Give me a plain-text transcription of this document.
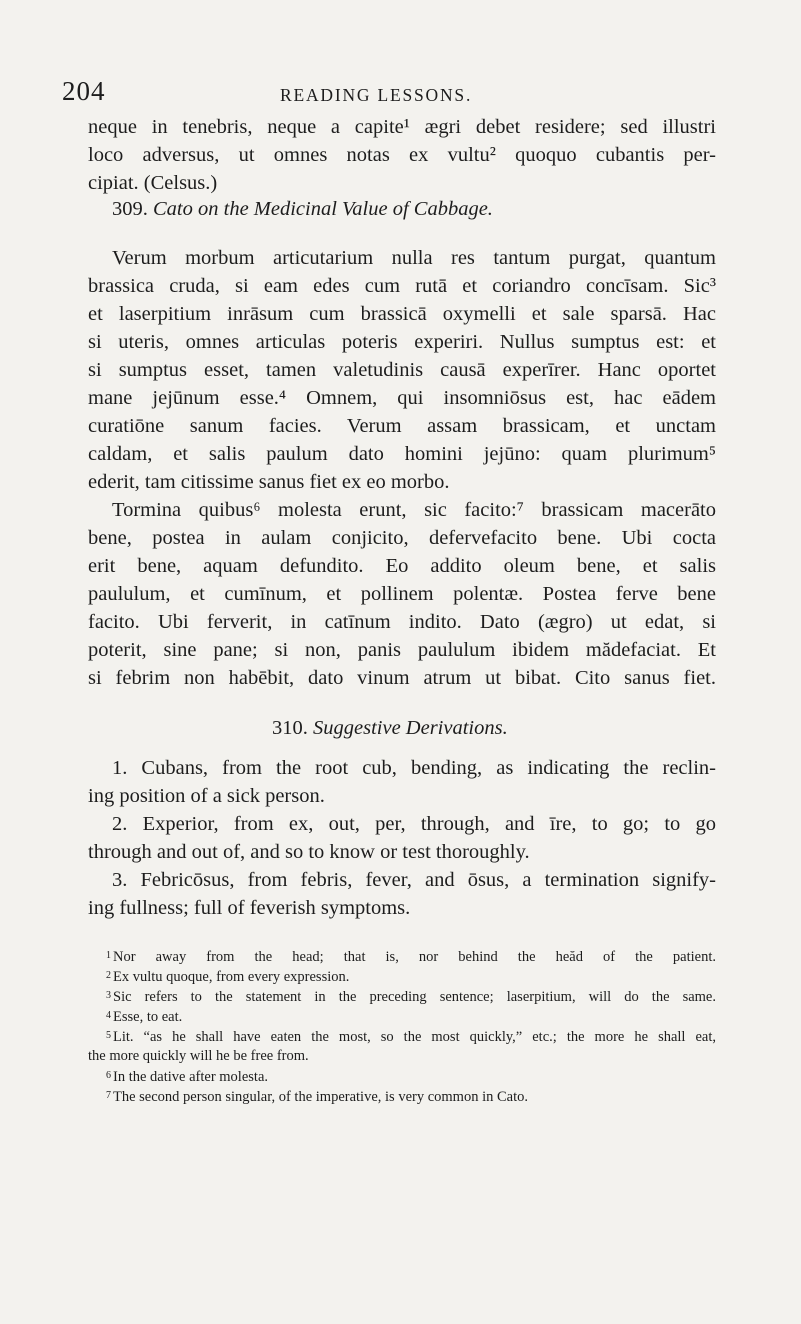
204	READING LESSONS.
neque in tenebris, neque a capite¹ ægri debet residere; sed illustri
loco adversus, ut omnes notas ex vultu² quoquo cubantis per-
cipiat. (Celsus.)
309. Cato on the Medicinal Value of Cabbage.
Verum morbum articutarium nulla res tantum purgat, quantum
brassica cruda, si eam edes cum rutā et coriandro concīsam. Sic³
et laserpitium inrāsum cum brassicā oxymelli et sale sparsā. Hac
si uteris, omnes articulas poteris experiri. Nullus sumptus est: et
si sumptus esset, tamen valetudinis causā experīrer. Hanc oportet
mane jejūnum esse.⁴ Omnem, qui insomniōsus est, hac eādem
curatiōne sanum facies. Verum assam brassicam, et unctam
caldam, et salis paulum dato homini jejūno: quam plurimum⁵
ederit, tam citissime sanus fiet ex eo morbo.
Tormina quibus⁶ molesta erunt, sic facito:⁷ brassicam macerāto
bene, postea in aulam conjicito, defervefacito bene. Ubi cocta
erit bene, aquam defundito. Eo addito oleum bene, et salis
paululum, et cumīnum, et pollinem polentæ. Postea ferve bene
facito. Ubi ferverit, in catīnum indito. Dato (ægro) ut edat, si
poterit, sine pane; si non, panis paululum ibidem mădefaciat. Et
si febrim non habēbit, dato vinum atrum ut bibat. Cito sanus fiet.
310. Suggestive Derivations.
1. Cubans, from the root cub, bending, as indicating the reclin-
ing position of a sick person.
2. Experior, from ex, out, per, through, and īre, to go; to go
through and out of, and so to know or test thoroughly.
3. Febricōsus, from febris, fever, and ōsus, a termination signify-
ing fullness; full of feverish symptoms.
$^1$ Nor away from the head; that is, nor behind the heăd of the patient.
$^2$ Ex vultu quoque, from every expression.
$^3$ Sic refers to the statement in the preceding sentence; laserpitium, will do the same.
$^4$ Esse, to eat.
$^5$ Lit. “as he shall have eaten the most, so the most quickly,” etc.; the more he shall eat,
the more quickly will he be free from.
$^6$ In the dative after molesta.
$^7$ The second person singular, of the imperative, is very common in Cato.
